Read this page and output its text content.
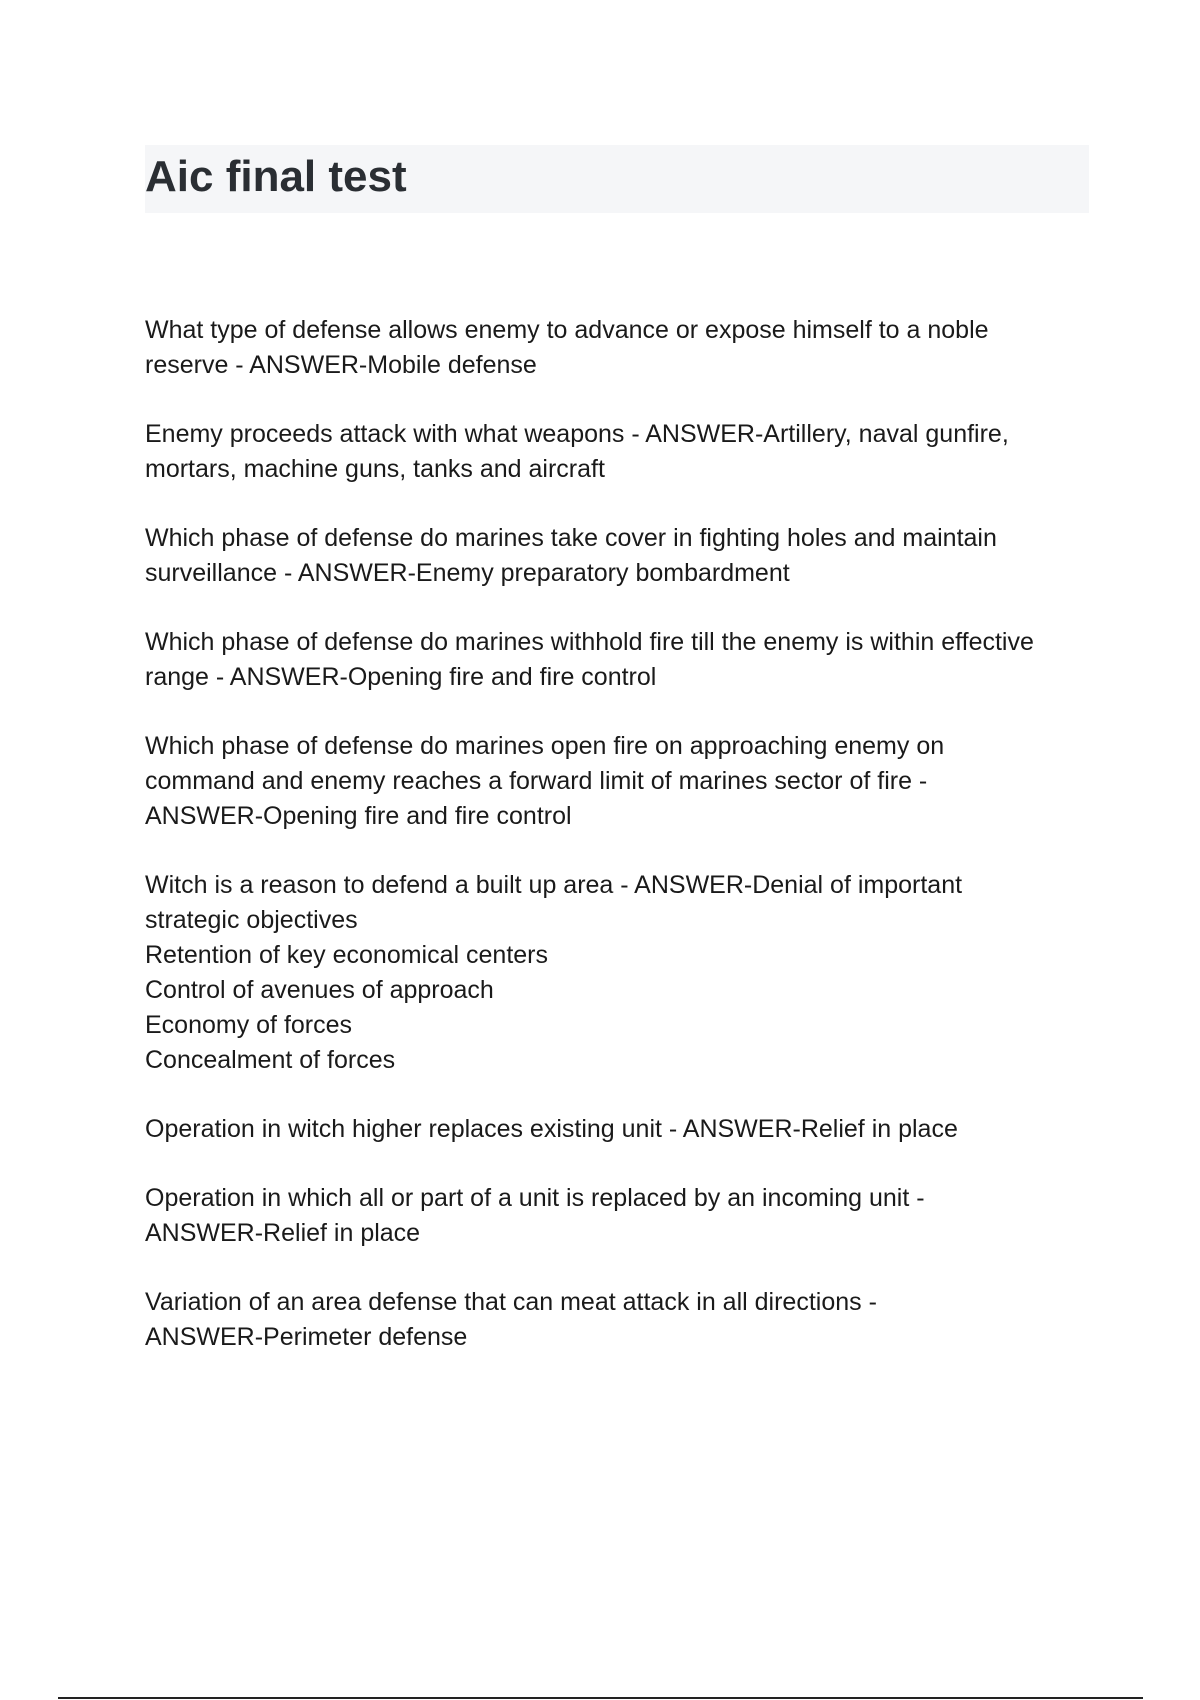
Aic final test

What type of defense allows enemy to advance or expose himself to a noble
reserve - ANSWER-Mobile defense

Enemy proceeds attack with what weapons - ANSWER-Artillery, naval gunfire,
mortars, machine guns, tanks and aircraft

Which phase of defense do marines take cover in fighting holes and maintain
surveillance - ANSWER-Enemy preparatory bombardment

Which phase of defense do marines withhold fire till the enemy is within effective
range - ANSWER-Opening fire and fire control

Which phase of defense do marines open fire on approaching enemy on
command and enemy reaches a forward limit of marines sector of fire -
ANSWER-Opening fire and fire control

Witch is a reason to defend a built up area - ANSWER-Denial of important
strategic objectives
Retention of key economical centers
Control of avenues of approach
Economy of forces
Concealment of forces

Operation in witch higher replaces existing unit - ANSWER-Relief in place

Operation in which all or part of a unit is replaced by an incoming unit -
ANSWER-Relief in place

Variation of an area defense that can meat attack in all directions -
ANSWER-Perimeter defense
